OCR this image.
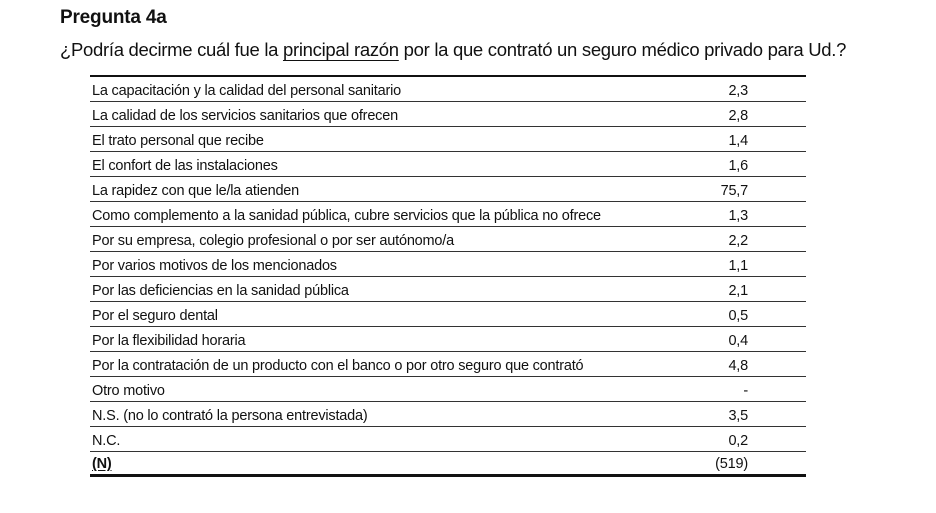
Pregunta 4a
¿Podría decirme cuál fue la principal razón por la que contrató un seguro médico privado para Ud.?
La capacitación y la calidad del personal sanitario	2,3
La calidad de los servicios sanitarios que ofrecen	2,8
El trato personal que recibe	1,4
El confort de las instalaciones	1,6
La rapidez con que le/la atienden	75,7
Como complemento a la sanidad pública, cubre servicios que la pública no ofrece	1,3
Por su empresa, colegio profesional o por ser autónomo/a	2,2
Por varios motivos de los mencionados	1,1
Por las deficiencias en la sanidad pública	2,1
Por el seguro dental	0,5
Por la flexibilidad horaria	0,4
Por la contratación de un producto con el banco o por otro seguro que contrató	4,8
Otro motivo	-
N.S. (no lo contrató la persona entrevistada)	3,5
N.C.	0,2
(N)	(519)
